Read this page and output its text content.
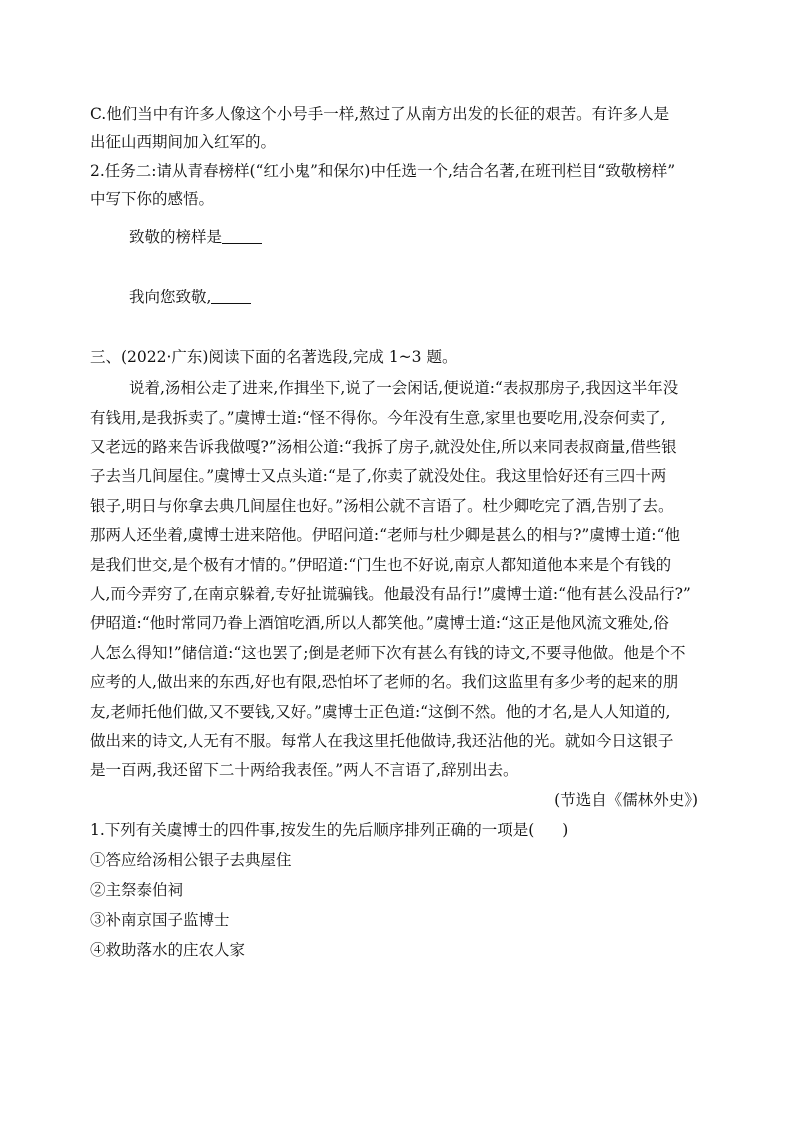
C.他们当中有许多人像这个小号手一样,熬过了从南方出发的长征的艰苦。有许多人是
出征山西期间加入红军的。
2.任务二:请从青春榜样(“红小鬼”和保尔)中任选一个,结合名著,在班刊栏目“致敬榜样”
中写下你的感悟。
致敬的榜样是
我向您致敬,
三、(2022·广东)阅读下面的名著选段,完成 1~3 题。
说着,汤相公走了进来,作揖坐下,说了一会闲话,便说道:“表叔那房子,我因这半年没
有钱用,是我拆卖了。”虞博士道:“怪不得你。今年没有生意,家里也要吃用,没奈何卖了,
又老远的路来告诉我做嘎?”汤相公道:“我拆了房子,就没处住,所以来同表叔商量,借些银
子去当几间屋住。”虞博士又点头道:“是了,你卖了就没处住。我这里恰好还有三四十两
银子,明日与你拿去典几间屋住也好。”汤相公就不言语了。杜少卿吃完了酒,告别了去。
那两人还坐着,虞博士进来陪他。伊昭问道:“老师与杜少卿是甚么的相与?”虞博士道:“他
是我们世交,是个极有才情的。”伊昭道:“门生也不好说,南京人都知道他本来是个有钱的
人,而今弄穷了,在南京躲着,专好扯谎骗钱。他最没有品行!”虞博士道:“他有甚么没品行?”
伊昭道:“他时常同乃眷上酒馆吃酒,所以人都笑他。”虞博士道:“这正是他风流文雅处,俗
人怎么得知!”储信道:“这也罢了;倒是老师下次有甚么有钱的诗文,不要寻他做。他是个不
应考的人,做出来的东西,好也有限,恐怕坏了老师的名。我们这监里有多少考的起来的朋
友,老师托他们做,又不要钱,又好。”虞博士正色道:“这倒不然。他的才名,是人人知道的,
做出来的诗文,人无有不服。每常人在我这里托他做诗,我还沾他的光。就如今日这银子
是一百两,我还留下二十两给我表侄。”两人不言语了,辞别出去。
(节选自《儒林外史》)
1.下列有关虞博士的四件事,按发生的先后顺序排列正确的一项是( )
①答应给汤相公银子去典屋住
②主祭泰伯祠
③补南京国子监博士
④救助落水的庄农人家
